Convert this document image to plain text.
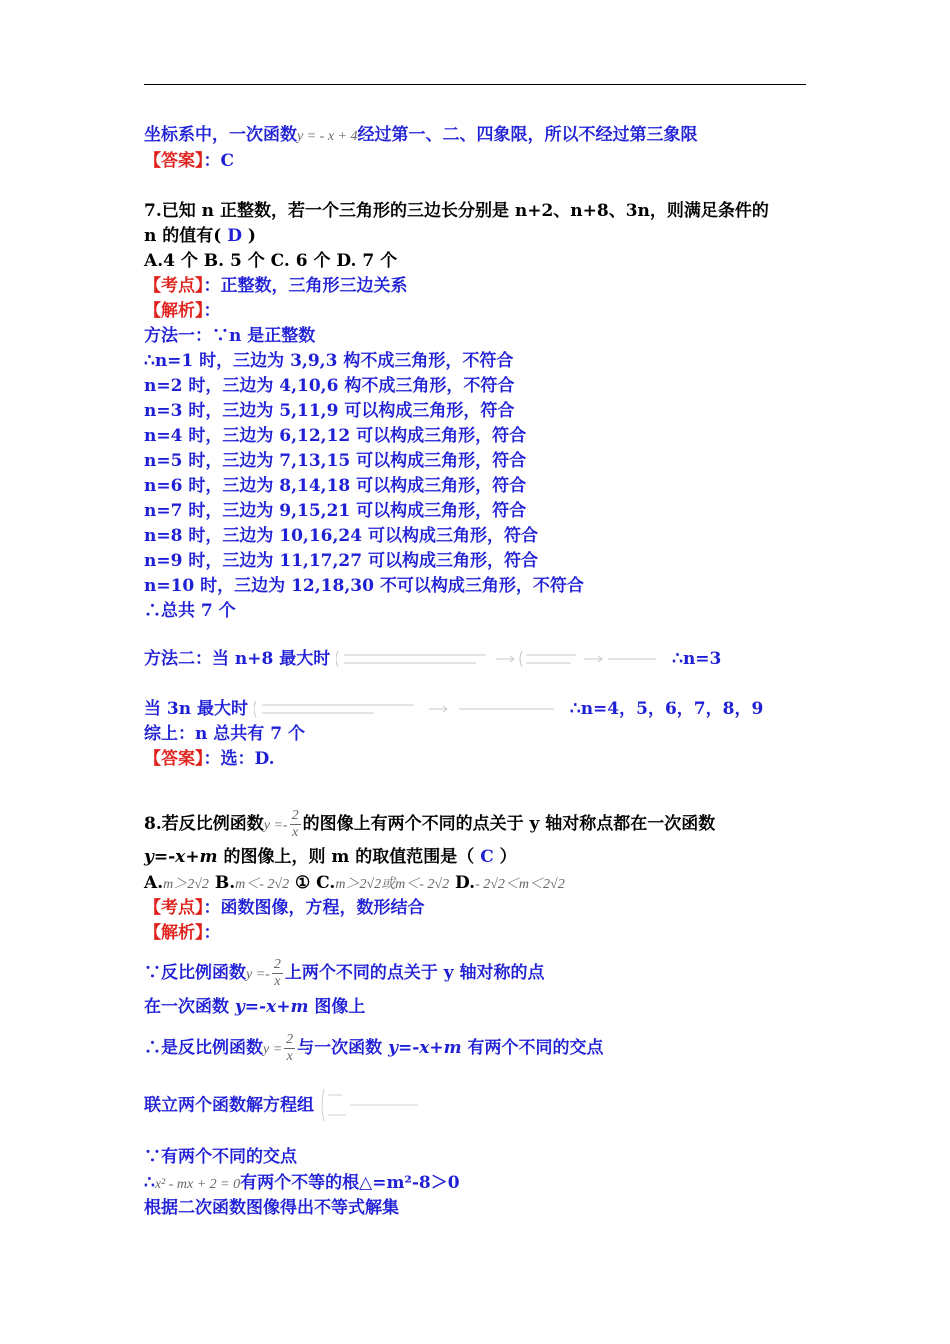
坐标系中，一次函数y = - x + 4经过第一、二、四象限，所以不经过第三象限
【答案】：C
7.已知 n 正整数，若一个三角形的三边长分别是 n+2、n+8、3n，则满足条件的
n 的值有( D )
A.4 个 B. 5 个 C. 6 个 D. 7 个
【考点】：正整数，三角形三边关系
【解析】：
方法一：∵n 是正整数
∴n=1 时，三边为 3,9,3 构不成三角形，不符合
n=2 时，三边为 4,10,6 构不成三角形，不符合
n=3 时，三边为 5,11,9 可以构成三角形，符合
n=4 时，三边为 6,12,12 可以构成三角形，符合
n=5 时，三边为 7,13,15 可以构成三角形，符合
n=6 时，三边为 8,14,18 可以构成三角形，符合
n=7 时，三边为 9,15,21 可以构成三角形，符合
n=8 时，三边为 10,16,24 可以构成三角形，符合
n=9 时，三边为 11,17,27 可以构成三角形，符合
n=10 时，三边为 12,18,30 不可以构成三角形，不符合
∴总共 7 个
方法二：当 n+8 最大时	∴n=3
当 3n 最大时	∴n=4，5，6，7，8，9
综上：n 总共有 7 个
【答案】：选：D.
8.若反比例函数$y =- \frac{2}{x}$ 的图像上有两个不同的点关于 y 轴对称点都在一次函数
y=-x+m 的图像上，则 m 的取值范围是（ C ）
A.m＞2√2 B.m＜- 2√2 ① C.m＞2√2或m＜- 2√2 D.- 2√2＜m＜2√2
【考点】：函数图像，方程，数形结合
【解析】：
∵反比例函数$y =- \frac{2}{x}$ 上两个不同的点关于 y 轴对称的点
在一次函数 y=-x+m 图像上
∴是反比例函数$y = \frac{2}{x}$ 与一次函数 y=-x+m 有两个不同的交点
联立两个函数解方程组
∵有两个不同的交点
∴x² - mx + 2 = 0有两个不等的根△=m²-8＞0
根据二次函数图像得出不等式解集
